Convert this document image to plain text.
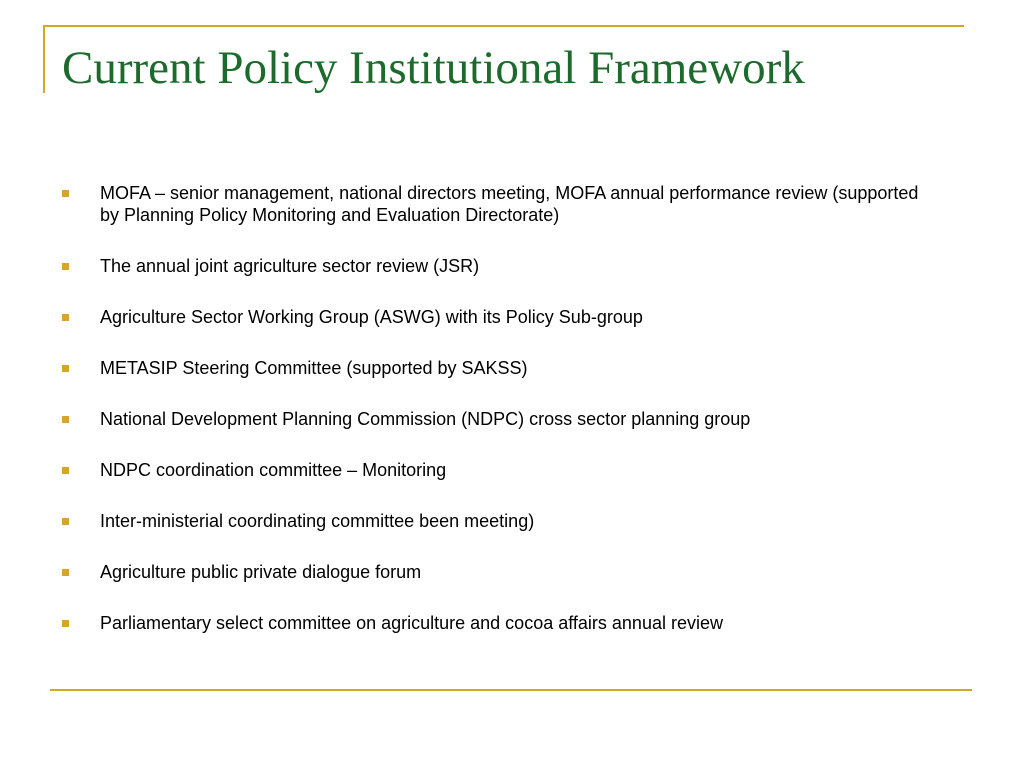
Current Policy Institutional Framework
MOFA – senior management, national directors meeting, MOFA annual performance review (supported by Planning Policy Monitoring and Evaluation Directorate)
The annual joint agriculture sector review (JSR)
Agriculture Sector Working Group (ASWG) with its Policy Sub-group
METASIP Steering Committee (supported by SAKSS)
National Development Planning Commission (NDPC) cross sector planning group
NDPC coordination committee – Monitoring
Inter-ministerial coordinating committee been meeting)
Agriculture public private dialogue forum
Parliamentary select committee on agriculture and cocoa affairs annual review
